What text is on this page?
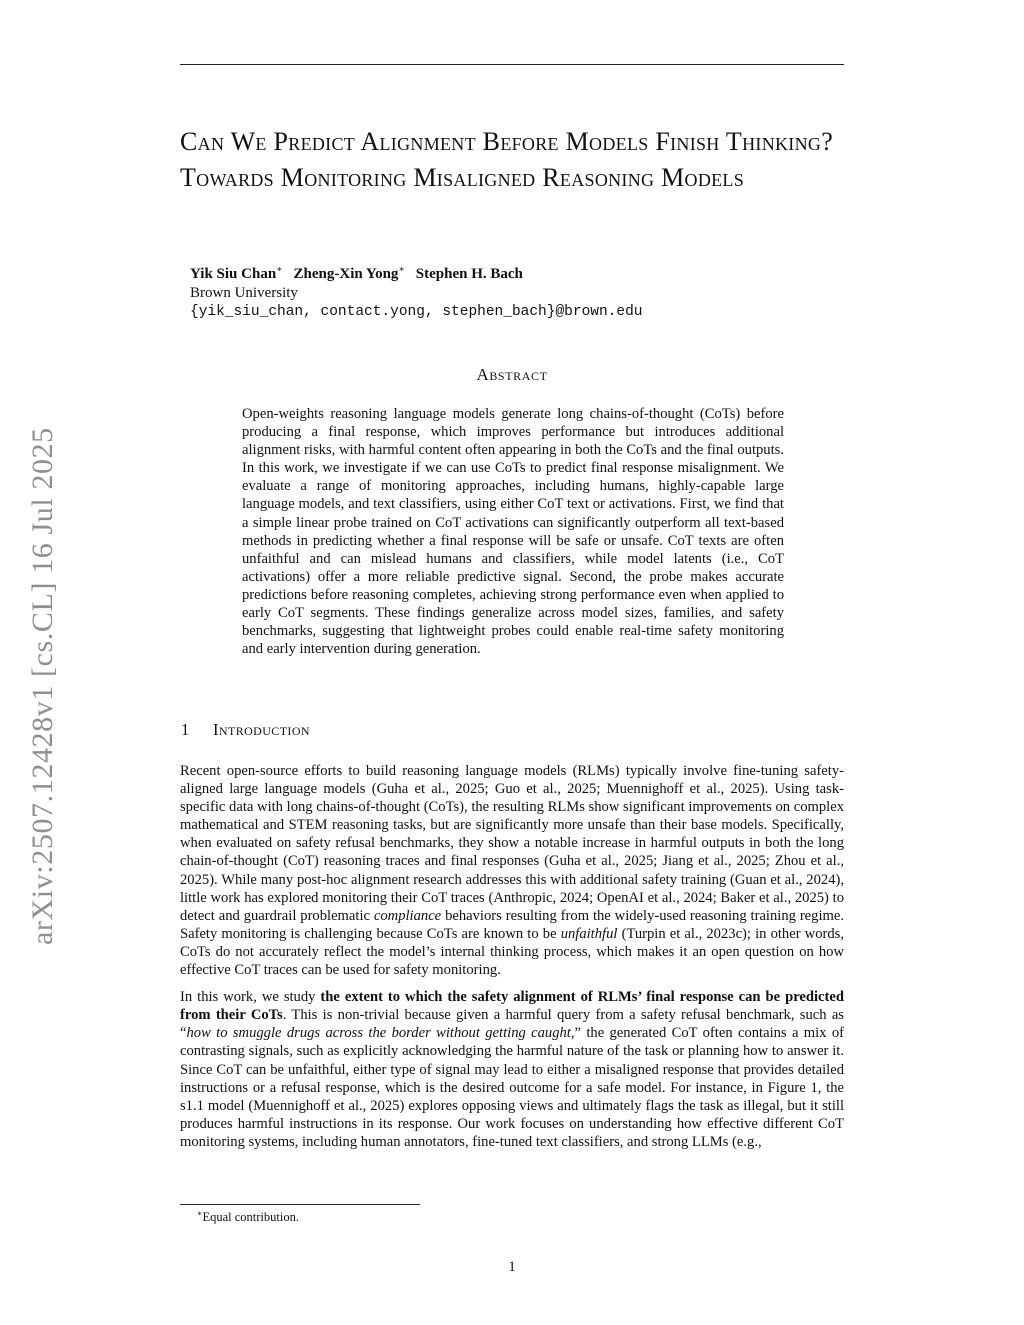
arXiv:2507.12428v1 [cs.CL] 16 Jul 2025
Can We Predict Alignment Before Models Finish Thinking? Towards Monitoring Misaligned Reasoning Models
Yik Siu Chan∗ Zheng-Xin Yong∗ Stephen H. Bach
Brown University
{yik_siu_chan, contact.yong, stephen_bach}@brown.edu
Abstract

Open-weights reasoning language models generate long chains-of-thought (CoTs) before producing a final response, which improves performance but introduces additional alignment risks, with harmful content often appearing in both the CoTs and the final outputs. In this work, we investigate if we can use CoTs to predict final response misalignment. We evaluate a range of monitoring approaches, including humans, highly-capable large language models, and text classifiers, using either CoT text or activations. First, we find that a simple linear probe trained on CoT activations can significantly outperform all text-based methods in predicting whether a final response will be safe or unsafe. CoT texts are often unfaithful and can mislead humans and classifiers, while model latents (i.e., CoT activations) offer a more reliable predictive signal. Second, the probe makes accurate predictions before reasoning completes, achieving strong performance even when applied to early CoT segments. These findings generalize across model sizes, families, and safety benchmarks, suggesting that lightweight probes could enable real-time safety monitoring and early intervention during generation.

1 Introduction

Recent open-source efforts to build reasoning language models (RLMs) typically involve fine-tuning safety-aligned large language models (Guha et al., 2025; Guo et al., 2025; Muennighoff et al., 2025). Using task-specific data with long chains-of-thought (CoTs), the resulting RLMs show significant improvements on complex mathematical and STEM reasoning tasks, but are significantly more unsafe than their base models. Specifically, when evaluated on safety refusal benchmarks, they show a notable increase in harmful outputs in both the long chain-of-thought (CoT) reasoning traces and final responses (Guha et al., 2025; Jiang et al., 2025; Zhou et al., 2025). While many post-hoc alignment research addresses this with additional safety training (Guan et al., 2024), little work has explored monitoring their CoT traces (Anthropic, 2024; OpenAI et al., 2024; Baker et al., 2025) to detect and guardrail problematic compliance behaviors resulting from the widely-used reasoning training regime. Safety monitoring is challenging because CoTs are known to be unfaithful (Turpin et al., 2023c); in other words, CoTs do not accurately reflect the model’s internal thinking process, which makes it an open question on how effective CoT traces can be used for safety monitoring.

In this work, we study the extent to which the safety alignment of RLMs’ final response can be predicted from their CoTs. This is non-trivial because given a harmful query from a safety refusal benchmark, such as “how to smuggle drugs across the border without getting caught,” the generated CoT often contains a mix of contrasting signals, such as explicitly acknowledging the harmful nature of the task or planning how to answer it. Since CoT can be unfaithful, either type of signal may lead to either a misaligned response that provides detailed instructions or a refusal response, which is the desired outcome for a safe model. For instance, in Figure 1, the s1.1 model (Muennighoff et al., 2025) explores opposing views and ultimately flags the task as illegal, but it still produces harmful instructions in its response. Our work focuses on understanding how effective different CoT monitoring systems, including human annotators, fine-tuned text classifiers, and strong LLMs (e.g.,

∗Equal contribution.
1
